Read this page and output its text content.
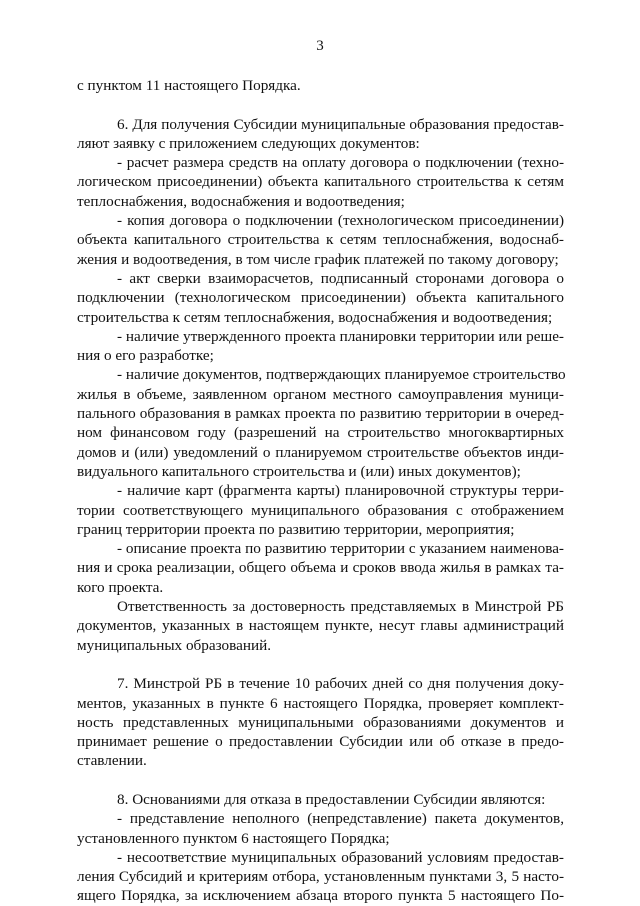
3
с пунктом 11 настоящего Порядка.
6. Для получения Субсидии муниципальные образования предостав-
ляют заявку с приложением следующих документов:
- расчет размера средств на оплату договора о подключении (техно-
логическом присоединении) объекта капитального строительства к сетям
теплоснабжения, водоснабжения и водоотведения;
- копия договора о подключении (технологическом присоединении)
объекта капитального строительства к сетям теплоснабжения, водоснаб-
жения и водоотведения, в том числе график платежей по такому договору;
- акт сверки взаиморасчетов, подписанный сторонами договора о
подключении (технологическом присоединении) объекта капитального
строительства к сетям теплоснабжения, водоснабжения и водоотведения;
- наличие утвержденного проекта планировки территории или реше-
ния о его разработке;
- наличие документов, подтверждающих планируемое строительство
жилья в объеме, заявленном органом местного самоуправления муници-
пального образования в рамках проекта по развитию территории в очеред-
ном финансовом году (разрешений на строительство многоквартирных
домов и (или) уведомлений о планируемом строительстве объектов инди-
видуального капитального строительства и (или) иных документов);
- наличие карт (фрагмента карты) планировочной структуры терри-
тории соответствующего муниципального образования с отображением
границ территории проекта по развитию территории, мероприятия;
- описание проекта по развитию территории с указанием наименова-
ния и срока реализации, общего объема и сроков ввода жилья в рамках та-
кого проекта.
Ответственность за достоверность представляемых в Минстрой РБ
документов, указанных в настоящем пункте, несут главы администраций
муниципальных образований.
7. Минстрой РБ в течение 10 рабочих дней со дня получения доку-
ментов, указанных в пункте 6 настоящего Порядка, проверяет комплект-
ность представленных муниципальными образованиями документов и
принимает решение о предоставлении Субсидии или об отказе в предо-
ставлении.
8. Основаниями для отказа в предоставлении Субсидии являются:
- представление неполного (непредставление) пакета документов,
установленного пунктом 6 настоящего Порядка;
- несоответствие муниципальных образований условиям предостав-
ления Субсидий и критериям отбора, установленным пунктами 3, 5 насто-
ящего Порядка, за исключением абзаца второго пункта 5 настоящего По-
